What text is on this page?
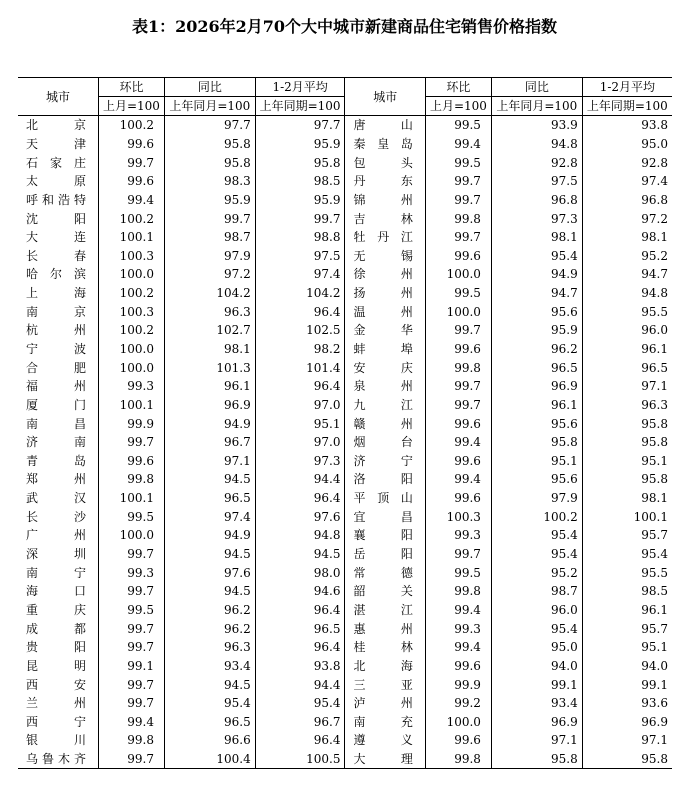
表1：2026年2月70个大中城市新建商品住宅销售价格指数
城市	环比	同比	1-2月平均	城市	环比	同比	1-2月平均
	上月=100	上年同月=100	上年同期=100		上月=100	上年同月=100	上年同期=100
北京	100.2	97.7	97.7	唐山	99.5	93.9	93.8
天津	99.6	95.8	95.9	秦皇岛	99.4	94.8	95.0
石家庄	99.7	95.8	95.8	包头	99.5	92.8	92.8
太原	99.6	98.3	98.5	丹东	99.7	97.5	97.4
呼和浩特	99.4	95.9	95.9	锦州	99.7	96.8	96.8
沈阳	100.2	99.7	99.7	吉林	99.8	97.3	97.2
大连	100.1	98.7	98.8	牡丹江	99.7	98.1	98.1
长春	100.3	97.9	97.5	无锡	99.6	95.4	95.2
哈尔滨	100.0	97.2	97.4	徐州	100.0	94.9	94.7
上海	100.2	104.2	104.2	扬州	99.5	94.7	94.8
南京	100.3	96.3	96.4	温州	100.0	95.6	95.5
杭州	100.2	102.7	102.5	金华	99.7	95.9	96.0
宁波	100.0	98.1	98.2	蚌埠	99.6	96.2	96.1
合肥	100.0	101.3	101.4	安庆	99.8	96.5	96.5
福州	99.3	96.1	96.4	泉州	99.7	96.9	97.1
厦门	100.1	96.9	97.0	九江	99.7	96.1	96.3
南昌	99.9	94.9	95.1	赣州	99.6	95.6	95.8
济南	99.7	96.7	97.0	烟台	99.4	95.8	95.8
青岛	99.6	97.1	97.3	济宁	99.6	95.1	95.1
郑州	99.8	94.5	94.4	洛阳	99.4	95.6	95.8
武汉	100.1	96.5	96.4	平顶山	99.6	97.9	98.1
长沙	99.5	97.4	97.6	宜昌	100.3	100.2	100.1
广州	100.0	94.9	94.8	襄阳	99.3	95.4	95.7
深圳	99.7	94.5	94.5	岳阳	99.7	95.4	95.4
南宁	99.3	97.6	98.0	常德	99.5	95.2	95.5
海口	99.7	94.5	94.6	韶关	99.8	98.7	98.5
重庆	99.5	96.2	96.4	湛江	99.4	96.0	96.1
成都	99.7	96.2	96.5	惠州	99.3	95.4	95.7
贵阳	99.7	96.3	96.4	桂林	99.4	95.0	95.1
昆明	99.1	93.4	93.8	北海	99.6	94.0	94.0
西安	99.7	94.5	94.4	三亚	99.9	99.1	99.1
兰州	99.7	95.4	95.4	泸州	99.2	93.4	93.6
西宁	99.4	96.5	96.7	南充	100.0	96.9	96.9
银川	99.8	96.6	96.4	遵义	99.6	97.1	97.1
乌鲁木齐	99.7	100.4	100.5	大理	99.8	95.8	95.8
